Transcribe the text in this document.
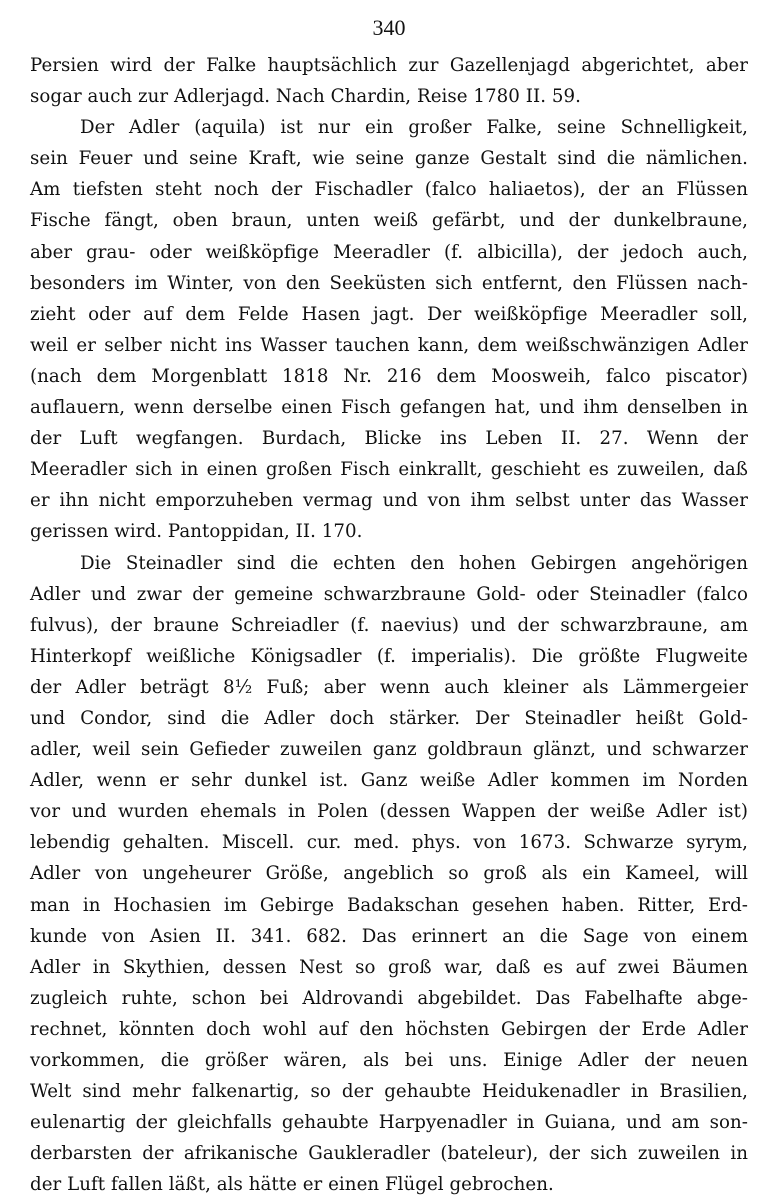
340
Persien wird der Falke hauptsächlich zur Gazellenjagd abgerichtet, aber
sogar auch zur Adlerjagd. Nach Chardin, Reise 1780 II. 59.
Der Adler (aquila) ist nur ein großer Falke, seine Schnelligkeit,
sein Feuer und seine Kraft, wie seine ganze Gestalt sind die nämlichen.
Am tiefsten steht noch der Fischadler (falco haliaetos), der an Flüssen
Fische fängt, oben braun, unten weiß gefärbt, und der dunkelbraune,
aber grau- oder weißköpfige Meeradler (f. albicilla), der jedoch auch,
besonders im Winter, von den Seeküsten sich entfernt, den Flüssen nach-
zieht oder auf dem Felde Hasen jagt. Der weißköpfige Meeradler soll,
weil er selber nicht ins Wasser tauchen kann, dem weißschwänzigen Adler
(nach dem Morgenblatt 1818 Nr. 216 dem Moosweih, falco piscator)
auflauern, wenn derselbe einen Fisch gefangen hat, und ihm denselben in
der Luft wegfangen. Burdach, Blicke ins Leben II. 27. Wenn der
Meeradler sich in einen großen Fisch einkrallt, geschieht es zuweilen, daß
er ihn nicht emporzuheben vermag und von ihm selbst unter das Wasser
gerissen wird. Pantoppidan, II. 170.
Die Steinadler sind die echten den hohen Gebirgen angehörigen
Adler und zwar der gemeine schwarzbraune Gold- oder Steinadler (falco
fulvus), der braune Schreiadler (f. naevius) und der schwarzbraune, am
Hinterkopf weißliche Königsadler (f. imperialis). Die größte Flugweite
der Adler beträgt 8½ Fuß; aber wenn auch kleiner als Lämmergeier
und Condor, sind die Adler doch stärker. Der Steinadler heißt Gold-
adler, weil sein Gefieder zuweilen ganz goldbraun glänzt, und schwarzer
Adler, wenn er sehr dunkel ist. Ganz weiße Adler kommen im Norden
vor und wurden ehemals in Polen (dessen Wappen der weiße Adler ist)
lebendig gehalten. Miscell. cur. med. phys. von 1673. Schwarze syrym,
Adler von ungeheurer Größe, angeblich so groß als ein Kameel, will
man in Hochasien im Gebirge Badakschan gesehen haben. Ritter, Erd-
kunde von Asien II. 341. 682. Das erinnert an die Sage von einem
Adler in Skythien, dessen Nest so groß war, daß es auf zwei Bäumen
zugleich ruhte, schon bei Aldrovandi abgebildet. Das Fabelhafte abge-
rechnet, könnten doch wohl auf den höchsten Gebirgen der Erde Adler
vorkommen, die größer wären, als bei uns. Einige Adler der neuen
Welt sind mehr falkenartig, so der gehaubte Heidukenadler in Brasilien,
eulenartig der gleichfalls gehaubte Harpyenadler in Guiana, und am son-
derbarsten der afrikanische Gaukleradler (bateleur), der sich zuweilen in
der Luft fallen läßt, als hätte er einen Flügel gebrochen.
